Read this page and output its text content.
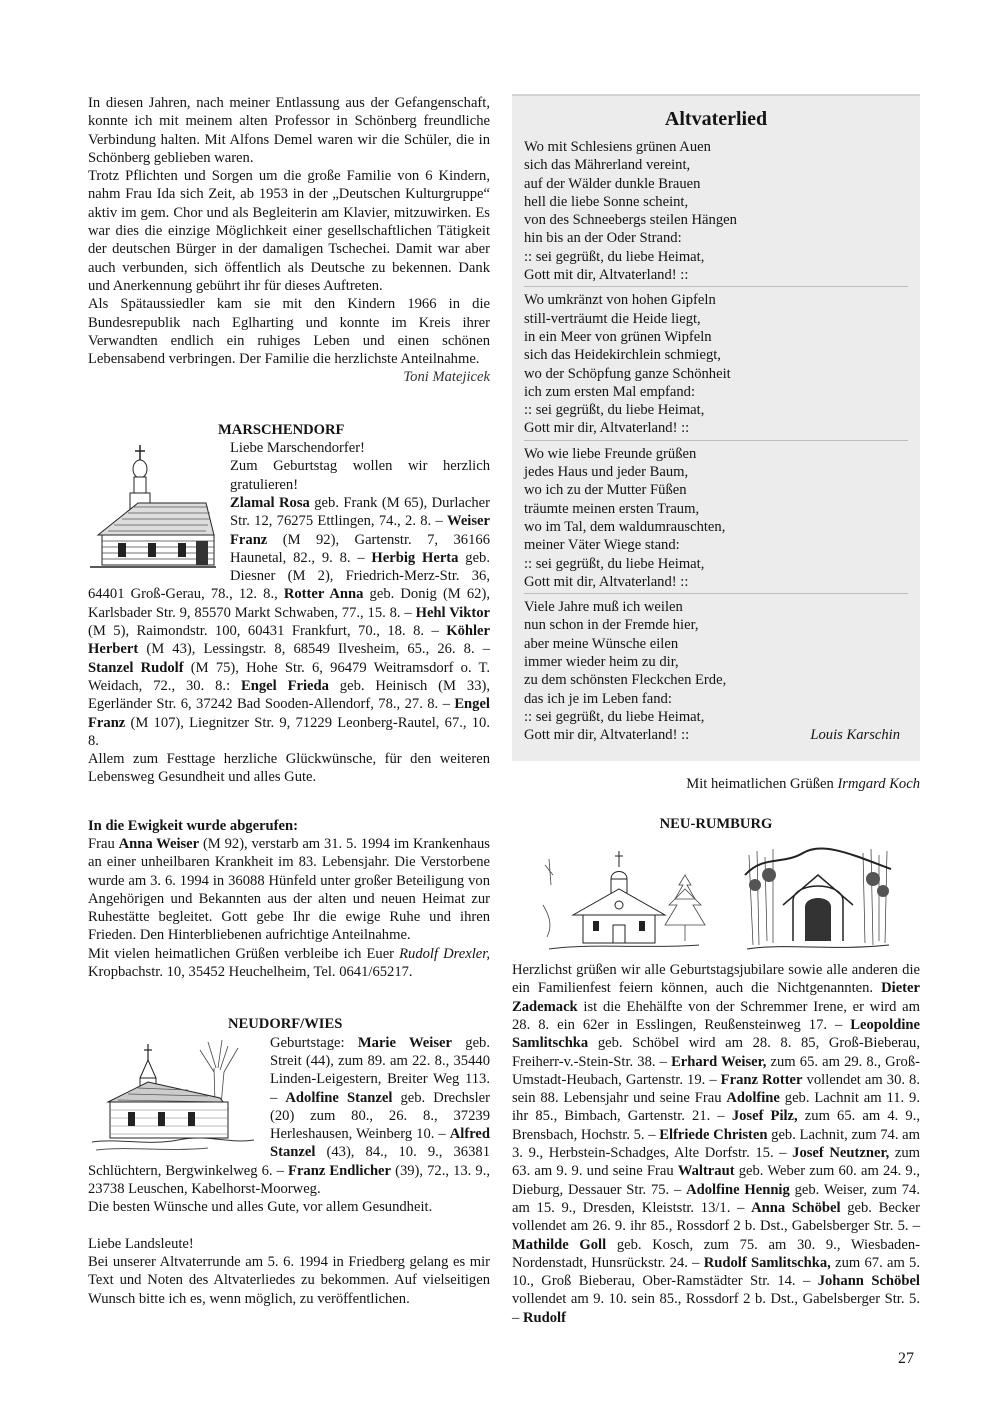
In diesen Jahren, nach meiner Entlassung aus der Gefangenschaft, konnte ich mit meinem alten Professor in Schönberg freundliche Verbindung halten. Mit Alfons Demel waren wir die Schüler, die in Schönberg geblieben waren.

Trotz Pflichten und Sorgen um die große Familie von 6 Kindern, nahm Frau Ida sich Zeit, ab 1953 in der „Deutschen Kulturgruppe“ aktiv im gem. Chor und als Begleiterin am Klavier, mitzuwirken. Es war dies die einzige Möglichkeit einer gesellschaftlichen Tätigkeit der deutschen Bürger in der damaligen Tschechei. Damit war aber auch verbunden, sich öffentlich als Deutsche zu bekennen. Dank und Anerkennung gebührt ihr für dieses Auftreten.

Als Spätaussiedler kam sie mit den Kindern 1966 in die Bundesrepublik nach Eglharting und konnte im Kreis ihrer Verwandten endlich ein ruhiges Leben und einen schönen Lebensabend verbringen. Der Familie die herzlichste Anteilnahme.

Toni Matejicek

MARSCHENDORF

Liebe Marschendorfer!

Zum Geburtstag wollen wir herzlich gratulieren!

Zlamal Rosa geb. Frank (M 65), Durlacher Str. 12, 76275 Ettlingen, 74., 2. 8. – Weiser Franz (M 92), Gartenstr. 7, 36166 Haunetal, 82., 9. 8. – Herbig Herta geb. Diesner (M 2), Friedrich-Merz-Str. 36, 64401 Groß-Gerau, 78., 12. 8., Rotter Anna geb. Donig (M 62), Karlsbader Str. 9, 85570 Markt Schwaben, 77., 15. 8. – Hehl Viktor (M 5), Raimondstr. 100, 60431 Frankfurt, 70., 18. 8. – Köhler Herbert (M 43), Lessingstr. 8, 68549 Ilvesheim, 65., 26. 8. – Stanzel Rudolf (M 75), Hohe Str. 6, 96479 Weitramsdorf o. T. Weidach, 72., 30. 8.: Engel Frieda geb. Heinisch (M 33), Egerländer Str. 6, 37242 Bad Sooden-Allendorf, 78., 27. 8. – Engel Franz (M 107), Liegnitzer Str. 9, 71229 Leonberg-Rautel, 67., 10. 8.

Allem zum Festtage herzliche Glückwünsche, für den weiteren Lebensweg Gesundheit und alles Gute.

In die Ewigkeit wurde abgerufen:

Frau Anna Weiser (M 92), verstarb am 31. 5. 1994 im Krankenhaus an einer unheilbaren Krankheit im 83. Lebensjahr. Die Verstorbene wurde am 3. 6. 1994 in 36088 Hünfeld unter großer Beteiligung von Angehörigen und Bekannten aus der alten und neuen Heimat zur Ruhestätte begleitet. Gott gebe Ihr die ewige Ruhe und ihren Frieden. Den Hinterbliebenen aufrichtige Anteilnahme.

Mit vielen heimatlichen Grüßen verbleibe ich Euer Rudolf Drexler, Kropbachstr. 10, 35452 Heuchelheim, Tel. 0641/65217.

NEUDORF/WIES

Geburtstage: Marie Weiser geb. Streit (44), zum 89. am 22. 8., 35440 Linden-Leigestern, Breiter Weg 113. – Adolfine Stanzel geb. Drechsler (20) zum 80., 26. 8., 37239 Herleshausen, Weinberg 10. – Alfred Stanzel (43), 84., 10. 9., 36381 Schlüchtern, Bergwinkelweg 6. – Franz Endlicher (39), 72., 13. 9., 23738 Leuschen, Kabelhorst-Moorweg.

Die besten Wünsche und alles Gute, vor allem Gesundheit.

Liebe Landsleute!

Bei unserer Altvaterrunde am 5. 6. 1994 in Friedberg gelang es mir Text und Noten des Altvaterliedes zu bekommen. Auf vielseitigen Wunsch bitte ich es, wenn möglich, zu veröffentlichen.

Altvaterlied
Wo mit Schlesiens grünen Auen
sich das Mährerland vereint,
auf der Wälder dunkle Brauen
hell die liebe Sonne scheint,
von des Schneebergs steilen Hängen
hin bis an der Oder Strand:
:: sei gegrüßt, du liebe Heimat,
Gott mit dir, Altvaterland! ::
Wo umkränzt von hohen Gipfeln
still-verträumt die Heide liegt,
in ein Meer von grünen Wipfeln
sich das Heidekirchlein schmiegt,
wo der Schöpfung ganze Schönheit
ich zum ersten Mal empfand:
:: sei gegrüßt, du liebe Heimat,
Gott mir dir, Altvaterland! ::
Wo wie liebe Freunde grüßen
jedes Haus und jeder Baum,
wo ich zu der Mutter Füßen
träumte meinen ersten Traum,
wo im Tal, dem waldumrauschten,
meiner Väter Wiege stand:
:: sei gegrüßt, du liebe Heimat,
Gott mit dir, Altvaterland! ::
Viele Jahre muß ich weilen
nun schon in der Fremde hier,
aber meine Wünsche eilen
immer wieder heim zu dir,
zu dem schönsten Fleckchen Erde,
das ich je im Leben fand:
:: sei gegrüßt, du liebe Heimat,
Gott mir dir, Altvaterland! ::	Louis Karschin

Mit heimatlichen Grüßen Irmgard Koch

NEU-RUMBURG

Herzlichst grüßen wir alle Geburtstagsjubilare sowie alle anderen die ein Familienfest feiern können, auch die Nichtgenannten. Dieter Zademack ist die Ehehälfte von der Schremmer Irene, er wird am 28. 8. ein 62er in Esslingen, Reußensteinweg 17. – Leopoldine Samlitschka geb. Schöbel wird am 28. 8. 85, Groß-Bieberau, Freiherr-v.-Stein-Str. 38. – Erhard Weiser, zum 65. am 29. 8., Groß-Umstadt-Heubach, Gartenstr. 19. – Franz Rotter vollendet am 30. 8. sein 88. Lebensjahr und seine Frau Adolfine geb. Lachnit am 11. 9. ihr 85., Bimbach, Gartenstr. 21. – Josef Pilz, zum 65. am 4. 9., Brensbach, Hochstr. 5. – Elfriede Christen geb. Lachnit, zum 74. am 3. 9., Herbstein-Schadges, Alte Dorfstr. 15. – Josef Neutzner, zum 63. am 9. 9. und seine Frau Waltraut geb. Weber zum 60. am 24. 9., Dieburg, Dessauer Str. 75. – Adolfine Hennig geb. Weiser, zum 74. am 15. 9., Dresden, Kleiststr. 13/1. – Anna Schöbel geb. Becker vollendet am 26. 9. ihr 85., Rossdorf 2 b. Dst., Gabelsberger Str. 5. – Mathilde Goll geb. Kosch, zum 75. am 30. 9., Wiesbaden-Nordenstadt, Hunsrückstr. 24. – Rudolf Samlitschka, zum 67. am 5. 10., Groß Bieberau, Ober-Ramstädter Str. 14. – Johann Schöbel vollendet am 9. 10. sein 85., Rossdorf 2 b. Dst., Gabelsberger Str. 5. – Rudolf

27
